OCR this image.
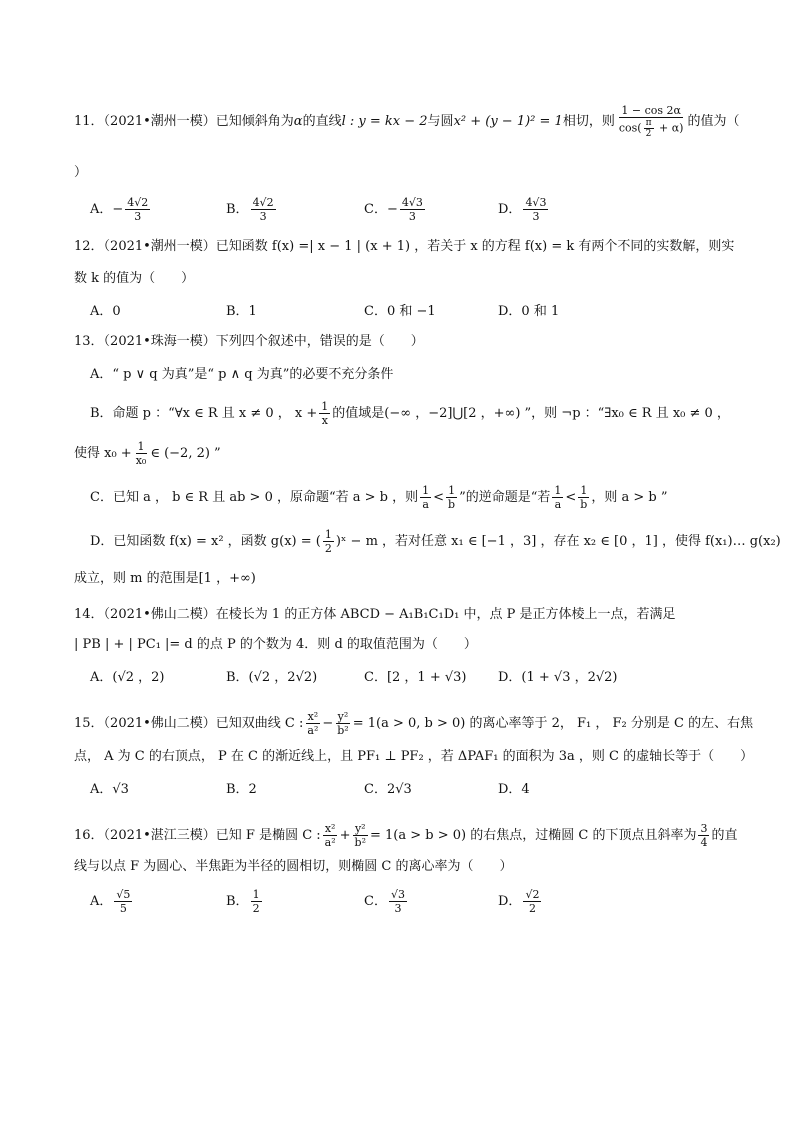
11．（2021•潮州一模）已知倾斜角为α的直线l : y = kx − 2与圆x² + (y − 1)² = 1相切，则 $\frac{1 - \cos 2\alpha}{\cos( \frac{\pi}{2} + \alpha)}$ 的值为（
）
A．− $\frac{4√2}{3}$	B． $\frac{4√2}{3}$	C．− $\frac{4√3}{3}$	D． $\frac{4√3}{3}$
12．（2021•潮州一模）已知函数 f(x) =| x − 1 | (x + 1) ，若关于 x 的方程 f(x) = k 有两个不同的实数解，则实
数 k 的值为（　　）
A．0	B．1	C．0 和 −1	D．0 和 1
13．（2021•珠海一模）下列四个叙述中，错误的是（　　）
A．“ p ∨ q 为真”是“ p ∧ q 为真”的必要不充分条件
B．命题 p ：“∀x ∈ R 且 x ≠ 0 ， $x + \frac{1}{x}$ 的值域是(−∞ ，−2]⋃[2 ，+∞) ”，则 ¬p ：“∃x₀ ∈ R 且 x₀ ≠ 0 ，
使得 $x_0 + \frac{1}{\text{x₀}}$ ∈ (−2, 2) ”
C．已知 a ， b ∈ R 且 ab > 0 ，原命题“若 a > b ，则 $\frac{1}{a} < \frac{1}{b}$ ”的逆命题是“若 $\frac{1}{a} < \frac{1}{b}$ ，则 a > b ”
D．已知函数 f(x) = x² ，函数 g(x) = ( $\frac{1}{2}$ )ˣ − m ，若对任意 x₁ ∈ [−1 ，3] ，存在 x₂ ∈ [0 ，1] ，使得 f(x₁)… g(x₂)
成立，则 m 的范围是[1 ，+∞)
14．（2021•佛山二模）在棱长为 1 的正方体 ABCD − A₁B₁C₁D₁ 中，点 P 是正方体棱上一点，若满足
| PB | + | PC₁ |= d 的点 P 的个数为 4．则 d 的取值范围为（　　）
A．(√2 ，2)	B．(√2 ，2√2)	C．[2 ，1 + √3) D．(1 + √3 ，2√2)
15．（2021•佛山二模）已知双曲线 C : $\frac{\text{x²}}{\text{a²}} - \frac{\text{y²}}{\text{b²}} = 1(a > 0$, b > 0) 的离心率等于 2， F₁ ， F₂ 分别是 C 的左、右焦
点， A 为 C 的右顶点， P 在 C 的渐近线上，且 PF₁ ⊥ PF₂ ，若 ΔPAF₁ 的面积为 3a ，则 C 的虚轴长等于（　　）
A．√3	B．2	C．2√3	D．4
16．（2021•湛江三模）已知 F 是椭圆 C : $\frac{\text{x²}}{\text{a²}} + \frac{\text{y²}}{\text{b²}} = 1(a > b > 0)$ 的右焦点，过椭圆 C 的下顶点且斜率为 $\frac{3}{4}$ 的直
线与以点 F 为圆心、半焦距为半径的圆相切，则椭圆 C 的离心率为（　　）
A． $\frac{√5}{5}$	B． $\frac{1}{2}$	C． $\frac{√3}{3}$	D． $\frac{√2}{2}$
